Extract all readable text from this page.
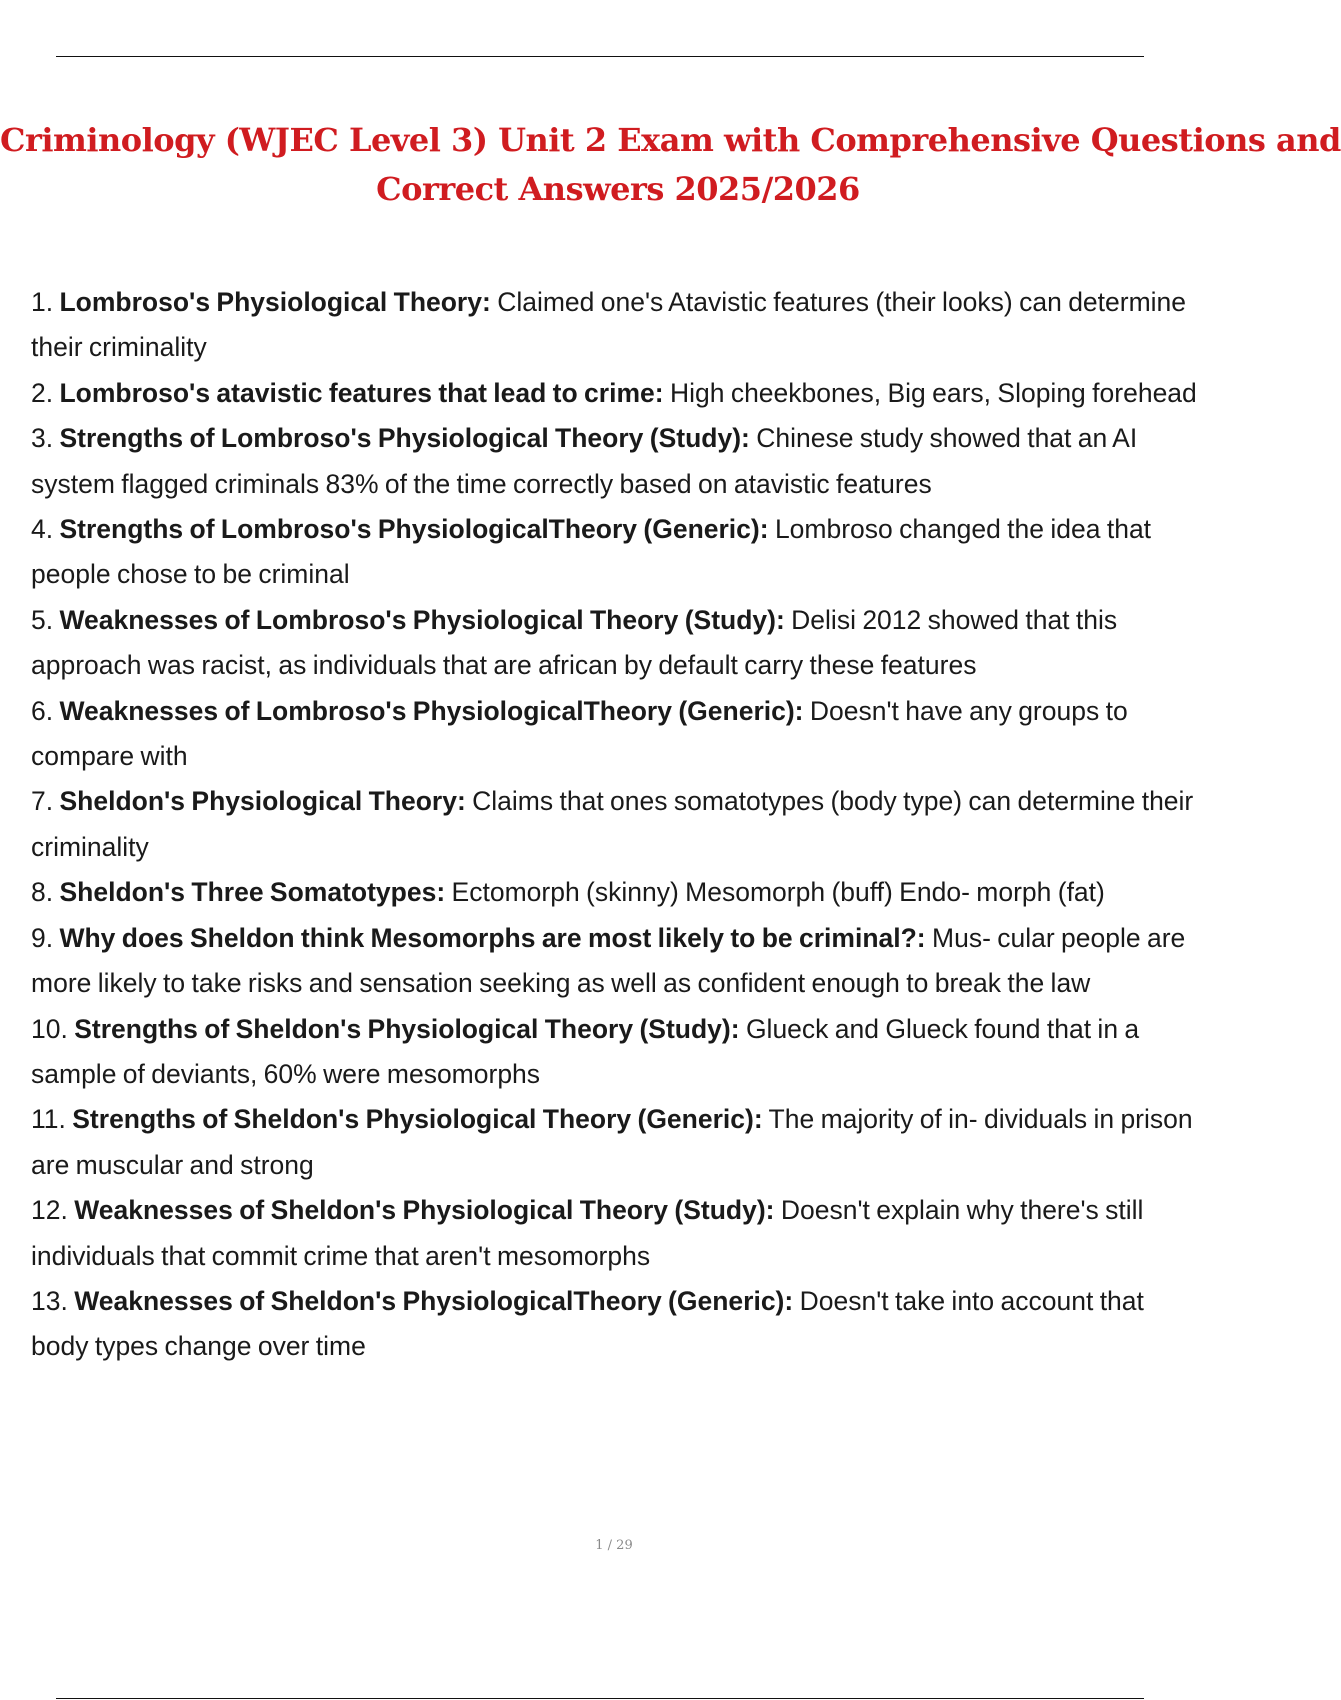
Criminology (WJEC Level 3) Unit 2 Exam with Comprehensive Questions and
Correct Answers 2025/2026
1. Lombroso's Physiological Theory: Claimed one's Atavistic features (their looks) can determine their criminality
2. Lombroso's atavistic features that lead to crime: High cheekbones, Big ears, Sloping forehead
3. Strengths of Lombroso's Physiological Theory (Study): Chinese study showed that an AI system flagged criminals 83% of the time correctly based on atavistic features
4. Strengths of Lombroso's PhysiologicalTheory (Generic): Lombroso changed the idea that people chose to be criminal
5. Weaknesses of Lombroso's Physiological Theory (Study): Delisi 2012 showed that this approach was racist, as individuals that are african by default carry these features
6. Weaknesses of Lombroso's PhysiologicalTheory (Generic): Doesn't have any groups to compare with
7. Sheldon's Physiological Theory: Claims that ones somatotypes (body type) can determine their criminality
8. Sheldon's Three Somatotypes: Ectomorph (skinny) Mesomorph (buff) Endo- morph (fat)
9. Why does Sheldon think Mesomorphs are most likely to be criminal?: Mus- cular people are more likely to take risks and sensation seeking as well as confident enough to break the law
10. Strengths of Sheldon's Physiological Theory (Study): Glueck and Glueck found that in a sample of deviants, 60% were mesomorphs
11. Strengths of Sheldon's Physiological Theory (Generic): The majority of in- dividuals in prison are muscular and strong
12. Weaknesses of Sheldon's Physiological Theory (Study): Doesn't explain why there's still individuals that commit crime that aren't mesomorphs
13. Weaknesses of Sheldon's PhysiologicalTheory (Generic): Doesn't take into account that body types change over time
1 / 29
